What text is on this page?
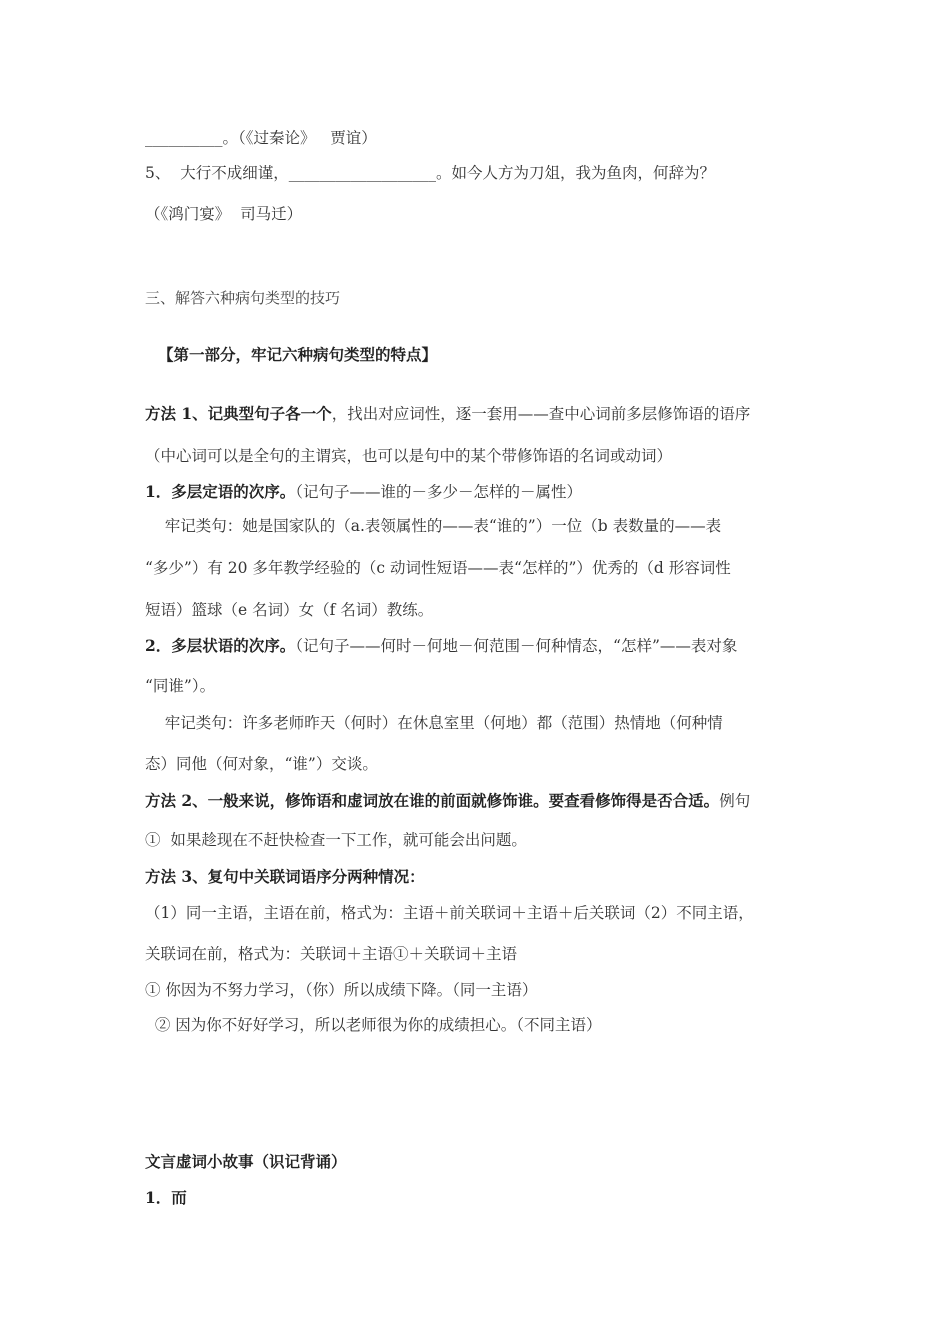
__________。（《过秦论》   贾谊）
5、  大行不成细谨，___________________。如今人方为刀俎，我为鱼肉，何辞为？
（《鸿门宴》  司马迁）
三、解答六种病句类型的技巧
【第一部分，牢记六种病句类型的特点】
方法 1、记典型句子各一个，找出对应词性，逐一套用——查中心词前多层修饰语的语序
（中心词可以是全句的主谓宾，也可以是句中的某个带修饰语的名词或动词）
1．多层定语的次序。（记句子——谁的－多少－怎样的－属性）
牢记类句：她是国家队的（a.表领属性的——表“谁的”）一位（b 表数量的——表
“多少”）有 20 多年教学经验的（c 动词性短语——表“怎样的”）优秀的（d 形容词性
短语）篮球（e 名词）女（f 名词）教练。
2．多层状语的次序。（记句子——何时－何地－何范围－何种情态，“怎样”——表对象
“同谁”）。
牢记类句：许多老师昨天（何时）在休息室里（何地）都（范围）热情地（何种情
态）同他（何对象，“谁”）交谈。
方法 2、一般来说，修饰语和虚词放在谁的前面就修饰谁。要查看修饰得是否合适。例句
①  如果趁现在不赶快检查一下工作，就可能会出问题。
方法 3、复句中关联词语序分两种情况：
（1）同一主语，主语在前，格式为：主语＋前关联词＋主语＋后关联词（2）不同主语，
关联词在前，格式为：关联词＋主语①＋关联词＋主语
① 你因为不努力学习，（你）所以成绩下降。（同一主语）
② 因为你不好好学习，所以老师很为你的成绩担心。（不同主语）
文言虚词小故事（识记背诵）
1．而
